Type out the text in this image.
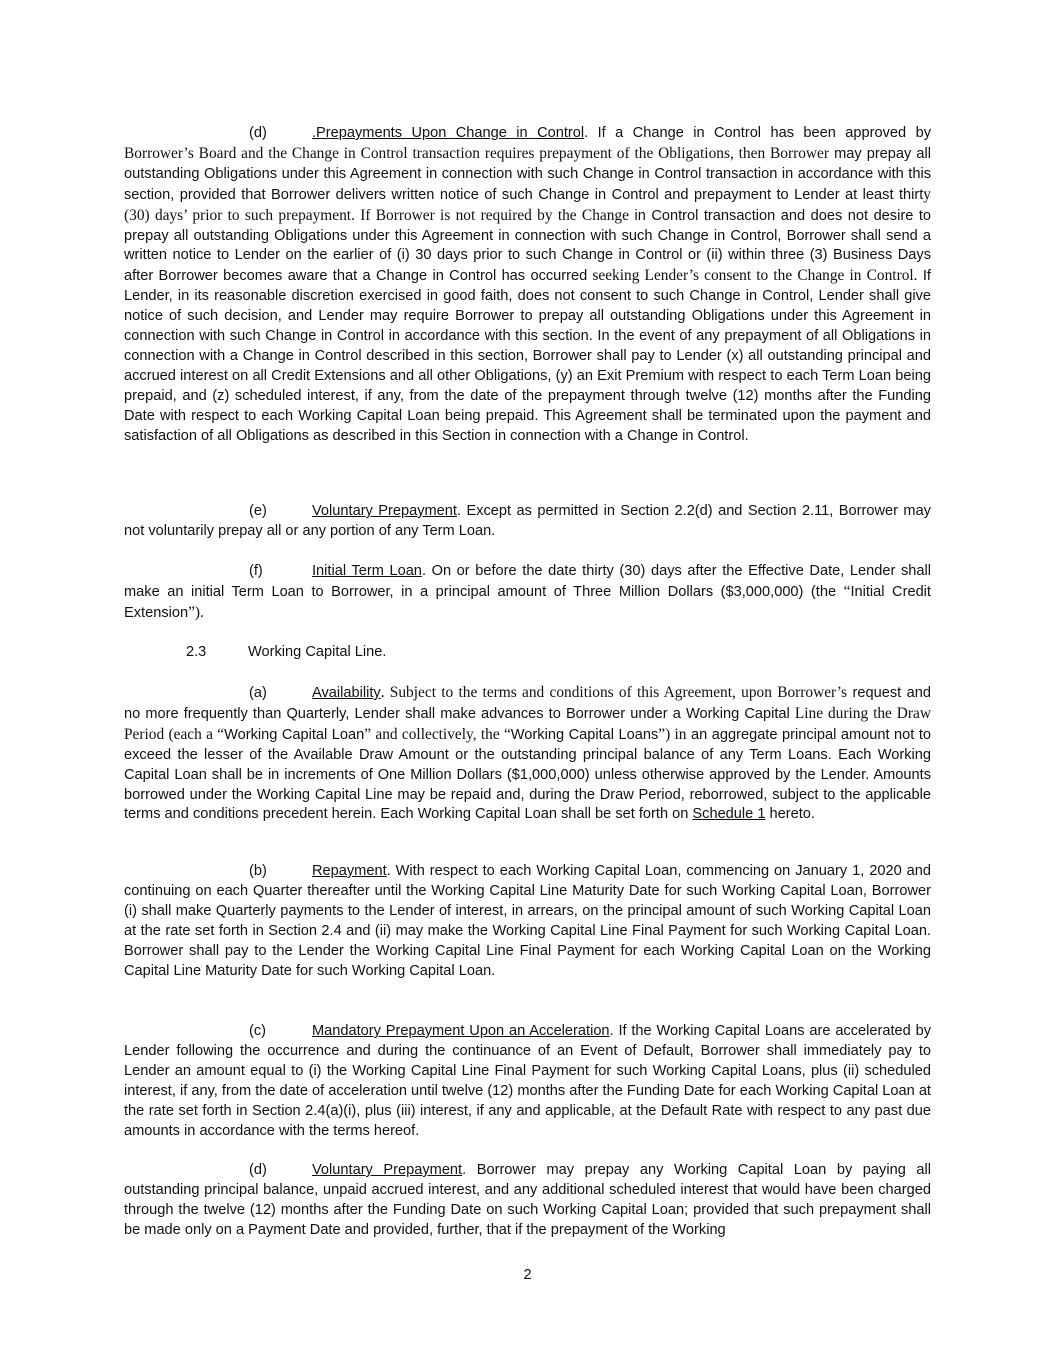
(d)	.Prepayments Upon Change in Control. If a Change in Control has been approved by Borrower’s Board and the Change in Control transaction requires prepayment of the Obligations, then Borrower may prepay all outstanding Obligations under this Agreement in connection with such Change in Control transaction in accordance with this section, provided that Borrower delivers written notice of such Change in Control and prepayment to Lender at least thirty (30) days’ prior to such prepayment. If Borrower is not required by the Change in Control transaction and does not desire to prepay all outstanding Obligations under this Agreement in connection with such Change in Control, Borrower shall send a written notice to Lender on the earlier of (i) 30 days prior to such Change in Control or (ii) within three (3) Business Days after Borrower becomes aware that a Change in Control has occurred seeking Lender’s consent to the Change in Control. If Lender, in its reasonable discretion exercised in good faith, does not consent to such Change in Control, Lender shall give notice of such decision, and Lender may require Borrower to prepay all outstanding Obligations under this Agreement in connection with such Change in Control in accordance with this section. In the event of any prepayment of all Obligations in connection with a Change in Control described in this section, Borrower shall pay to Lender (x) all outstanding principal and accrued interest on all Credit Extensions and all other Obligations, (y) an Exit Premium with respect to each Term Loan being prepaid, and (z) scheduled interest, if any, from the date of the prepayment through twelve (12) months after the Funding Date with respect to each Working Capital Loan being prepaid. This Agreement shall be terminated upon the payment and satisfaction of all Obligations as described in this Section in connection with a Change in Control.
(e)	Voluntary Prepayment. Except as permitted in Section 2.2(d) and Section 2.11, Borrower may not voluntarily prepay all or any portion of any Term Loan.
(f)	Initial Term Loan. On or before the date thirty (30) days after the Effective Date, Lender shall make an initial Term Loan to Borrower, in a principal amount of Three Million Dollars ($3,000,000) (the “Initial Credit Extension”).
2.3	Working Capital Line.
(a)	Availability. Subject to the terms and conditions of this Agreement, upon Borrower’s request and no more frequently than Quarterly, Lender shall make advances to Borrower under a Working Capital Line during the Draw Period (each a “Working Capital Loan” and collectively, the “Working Capital Loans”) in an aggregate principal amount not to exceed the lesser of the Available Draw Amount or the outstanding principal balance of any Term Loans. Each Working Capital Loan shall be in increments of One Million Dollars ($1,000,000) unless otherwise approved by the Lender. Amounts borrowed under the Working Capital Line may be repaid and, during the Draw Period, reborrowed, subject to the applicable terms and conditions precedent herein. Each Working Capital Loan shall be set forth on Schedule 1 hereto.
(b)	Repayment. With respect to each Working Capital Loan, commencing on January 1, 2020 and continuing on each Quarter thereafter until the Working Capital Line Maturity Date for such Working Capital Loan, Borrower (i) shall make Quarterly payments to the Lender of interest, in arrears, on the principal amount of such Working Capital Loan at the rate set forth in Section 2.4 and (ii) may make the Working Capital Line Final Payment for such Working Capital Loan. Borrower shall pay to the Lender the Working Capital Line Final Payment for each Working Capital Loan on the Working Capital Line Maturity Date for such Working Capital Loan.
(c)	Mandatory Prepayment Upon an Acceleration. If the Working Capital Loans are accelerated by Lender following the occurrence and during the continuance of an Event of Default, Borrower shall immediately pay to Lender an amount equal to (i) the Working Capital Line Final Payment for such Working Capital Loans, plus (ii) scheduled interest, if any, from the date of acceleration until twelve (12) months after the Funding Date for each Working Capital Loan at the rate set forth in Section 2.4(a)(i), plus (iii) interest, if any and applicable, at the Default Rate with respect to any past due amounts in accordance with the terms hereof.
(d)	Voluntary Prepayment. Borrower may prepay any Working Capital Loan by paying all outstanding principal balance, unpaid accrued interest, and any additional scheduled interest that would have been charged through the twelve (12) months after the Funding Date on such Working Capital Loan; provided that such prepayment shall be made only on a Payment Date and provided, further, that if the prepayment of the Working
2
